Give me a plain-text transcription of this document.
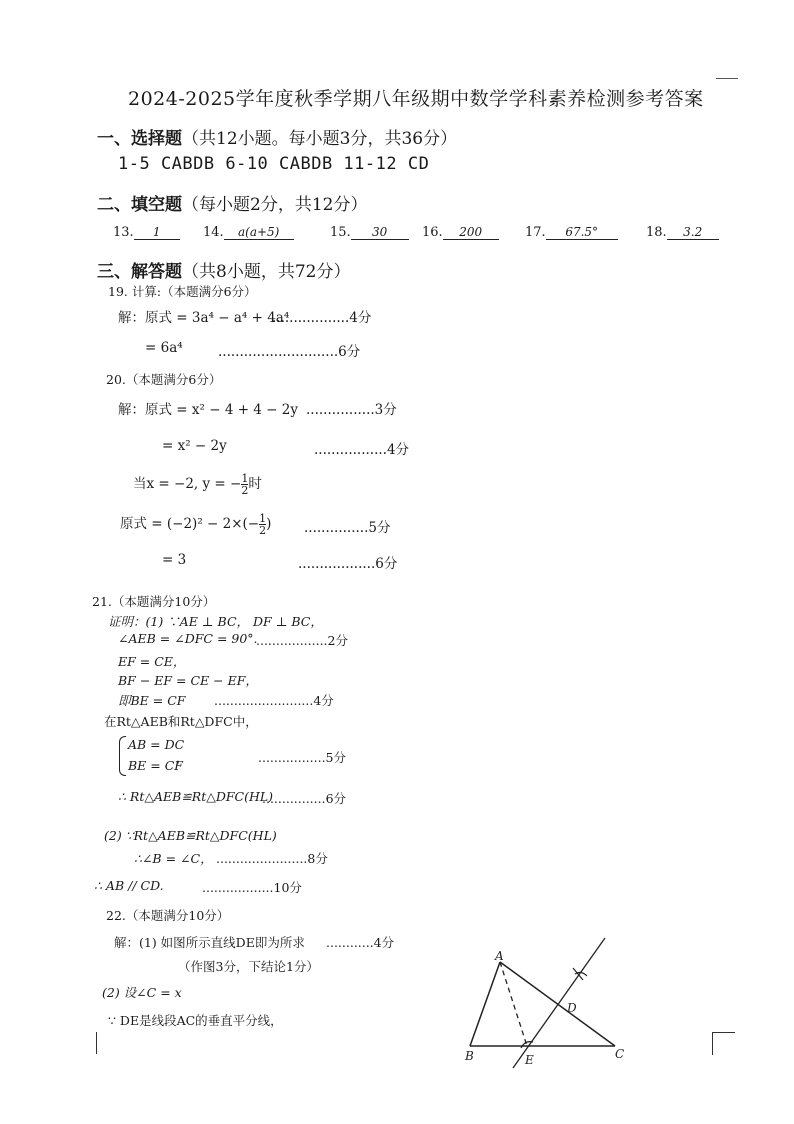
2024-2025学年度秋季学期八年级期中数学学科素养检测参考答案
一、选择题（共12小题。每小题3分，共36分）
1-5 CABDB 6-10 CABDB 11-12 CD
二、填空题（每小题2分，共12分）
13. 1	14. a(a+5)	15. 30	16. 200	17. 67.5°	18. 3.2
三、解答题（共8小题，共72分）
19. 计算:（本题满分6分）
解：原式 = 3a⁴ − a⁴ + 4a⁴
..................4分
= 6a⁴	............................6分
20.（本题满分6分）
解：原式 = x² − 4 + 4 − 2y ................3分
= x² − 2y	.................4分
当x = −2, y = − $\frac{1}{2}$ 时
原式 = $(-2)^2 - 2\times(- \frac{1}{2}$ ) ...............5分
= 3	..................6分
21.（本题满分10分）
证明：(1) ∵AE ⊥ BC， DF ⊥ BC，
∠AEB = ∠DFC = 90°.
..................2分
EF = CE，
BF − EF = CE − EF，
即BE = CF .........................4分
在Rt△AEB和Rt△DFC中，
AB = DC
BE = CF
，	.................5分
∴ Rt△AEB≌Rt△DFC(HL)
................6分
(2) ∵Rt△AEB≌Rt△DFC(HL)
∴∠B = ∠C， .......................8分
∴ AB // CD.	..................10分
22.（本题满分10分）
解：(1) 如图所示直线DE即为所求 ............4分
（作图3分，下结论1分）
(2) 设∠C = x
∵ DE是线段AC的垂直平分线，
A
B	C
D
E
